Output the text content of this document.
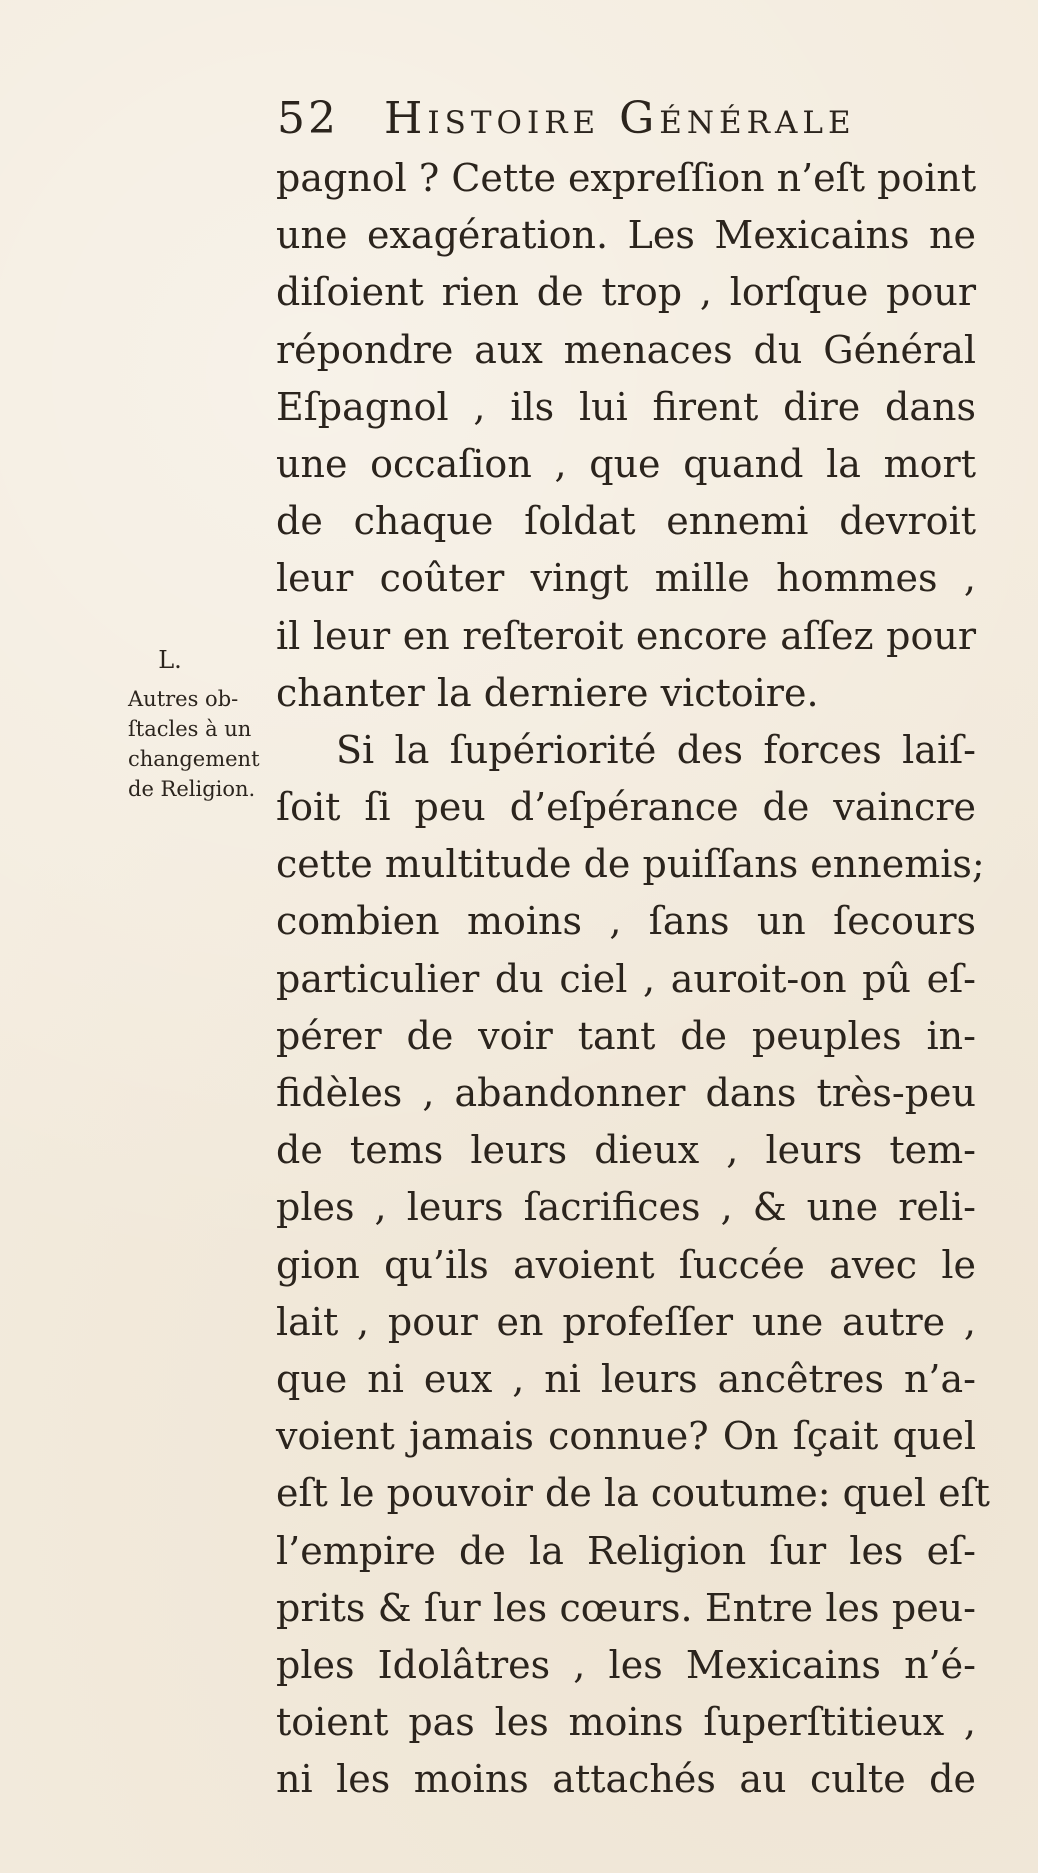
52 Histoire Générale
L.
Autres ob-
ſtacles à un
changement
de Religion.
pagnol ? Cette expreſſion n’eſt point
une exagération. Les Mexicains ne
diſoient rien de trop , lorſque pour
répondre aux menaces du Général
Eſpagnol , ils lui firent dire dans
une occaſion , que quand la mort
de chaque ſoldat ennemi devroit
leur coûter vingt mille hommes ,
il leur en reſteroit encore aſſez pour
chanter la derniere victoire.
Si la ſupériorité des forces laiſ-
ſoit ſi peu d’eſpérance de vaincre
cette multitude de puiſſans ennemis;
combien moins , ſans un ſecours
particulier du ciel , auroit-on pû eſ-
pérer de voir tant de peuples in-
fidèles , abandonner dans très-peu
de tems leurs dieux , leurs tem-
ples , leurs ſacrifices , & une reli-
gion qu’ils avoient ſuccée avec le
lait , pour en profeſſer une autre ,
que ni eux , ni leurs ancêtres n’a-
voient jamais connue? On ſçait quel
eſt le pouvoir de la coutume: quel eſt
l’empire de la Religion ſur les eſ-
prits & ſur les cœurs. Entre les peu-
ples Idolâtres , les Mexicains n’é-
toient pas les moins ſuperſtitieux ,
ni les moins attachés au culte de
